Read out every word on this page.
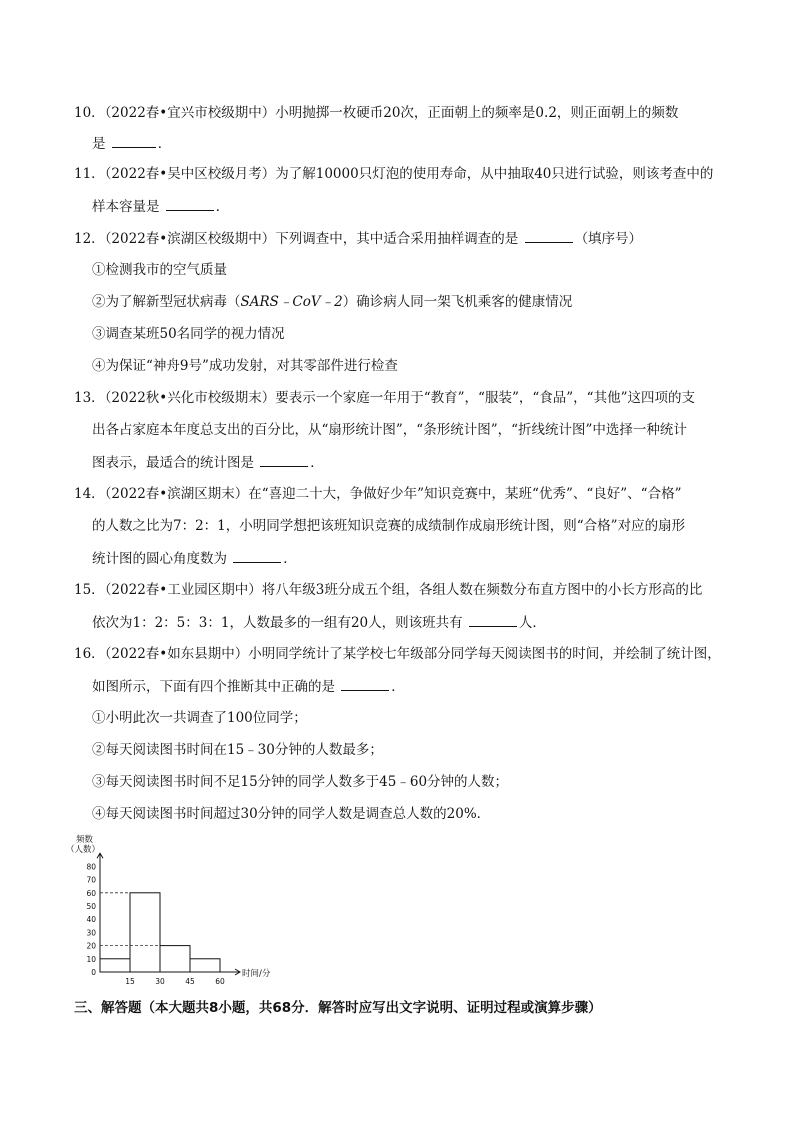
10．（2022春•宜兴市校级期中）小明抛掷一枚硬币20次，正面朝上的频率是0.2，则正面朝上的频数
是	．
11．（2022春•吴中区校级月考）为了解10000只灯泡的使用寿命，从中抽取40只进行试验，则该考查中的
样本容量是	．
12．（2022春•滨湖区校级期中）下列调查中，其中适合采用抽样调查的是	（填序号）
①检测我市的空气质量
②为了解新型冠状病毒（SARS﹣CoV﹣2）确诊病人同一架飞机乘客的健康情况
③调查某班50名同学的视力情况
④为保证“神舟9号”成功发射，对其零部件进行检查
13．（2022秋•兴化市校级期末）要表示一个家庭一年用于“教育”，“服装”，“食品”，“其他”这四项的支
出各占家庭本年度总支出的百分比，从“扇形统计图”，“条形统计图”，“折线统计图”中选择一种统计
图表示，最适合的统计图是	．
14．（2022春•滨湖区期末）在“喜迎二十大，争做好少年”知识竞赛中，某班“优秀”、“良好”、“合格”
的人数之比为7：2：1，小明同学想把该班知识竞赛的成绩制作成扇形统计图，则“合格”对应的扇形
统计图的圆心角度数为	．
15．（2022春•工业园区期中）将八年级3班分成五个组，各组人数在频数分布直方图中的小长方形高的比
依次为1：2：5：3：1，人数最多的一组有20人，则该班共有	人．
16．（2022春•如东县期中）小明同学统计了某学校七年级部分同学每天阅读图书的时间，并绘制了统计图，
如图所示，下面有四个推断其中正确的是	．
①小明此次一共调查了100位同学；
②每天阅读图书时间在15﹣30分钟的人数最多；
③每天阅读图书时间不足15分钟的同学人数多于45﹣60分钟的人数；
④每天阅读图书时间超过30分钟的同学人数是调查总人数的20%．
频数
（人数）
时间/分
0
10
20
30
40
50
60
70
80
15	30	45	60
三、解答题（本大题共8小题，共68分．解答时应写出文字说明、证明过程或演算步骤）
